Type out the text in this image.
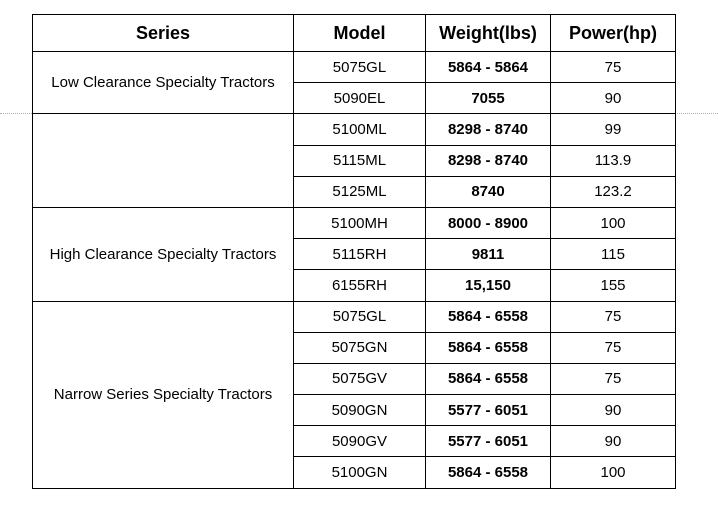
Series	Model	Weight(lbs)	Power(hp)
Low Clearance Specialty Tractors	5075GL	5864 - 5864	75
	5090EL	7055	90
	5100ML	8298 - 8740	99
	5115ML	8298 - 8740	113.9
	5125ML	8740	123.2
High Clearance Specialty Tractors	5100MH	8000 - 8900	100
	5115RH	9811	115
	6155RH	15,150	155
Narrow Series Specialty Tractors	5075GL	5864 - 6558	75
	5075GN	5864 - 6558	75
	5075GV	5864 - 6558	75
	5090GN	5577 - 6051	90
	5090GV	5577 - 6051	90
	5100GN	5864 - 6558	100
